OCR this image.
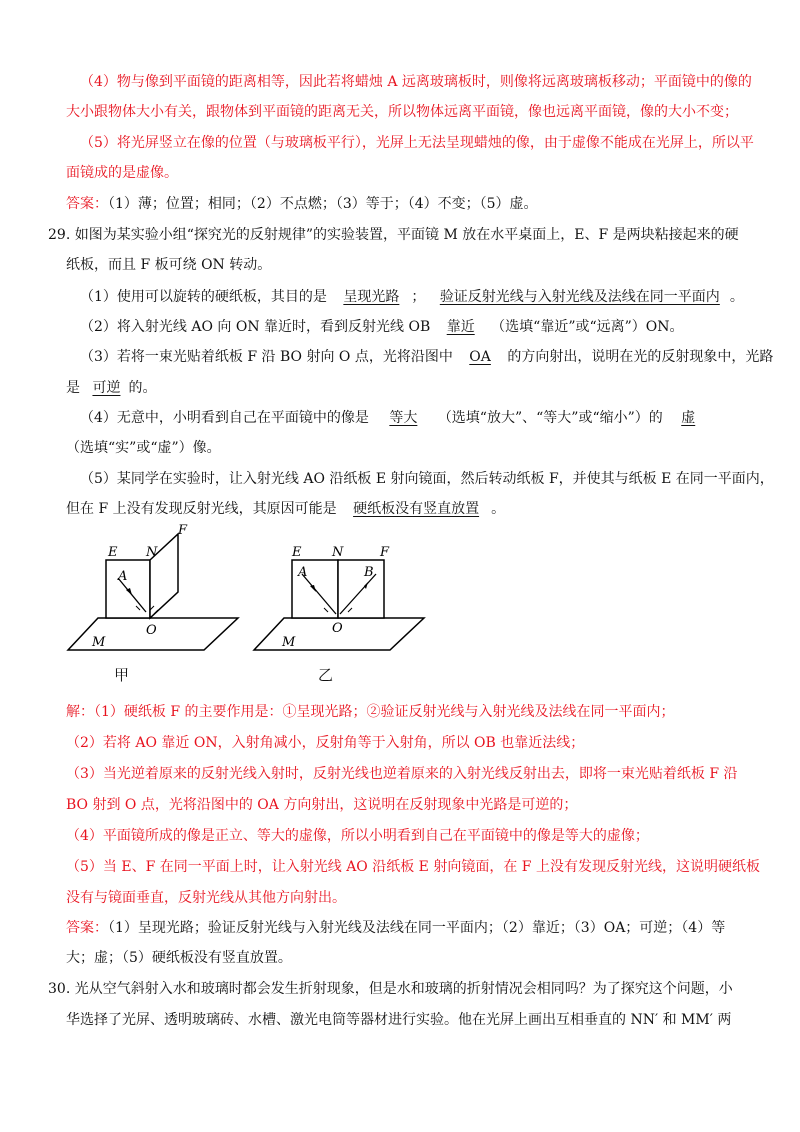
（4）物与像到平面镜的距离相等，因此若将蜡烛 A 远离玻璃板时，则像将远离玻璃板移动；平面镜中的像的
大小跟物体大小有关，跟物体到平面镜的距离无关，所以物体远离平面镜，像也远离平面镜，像的大小不变；
（5）将光屏竖立在像的位置（与玻璃板平行），光屏上无法呈现蜡烛的像，由于虚像不能成在光屏上，所以平
面镜成的是虚像。
答案：（1）薄；位置；相同；（2）不点燃；（3）等于；（4）不变；（5）虚。
29. 如图为某实验小组“探究光的反射规律”的实验装置，平面镜 M 放在水平桌面上，E、F 是两块粘接起来的硬
纸板，而且 F 板可绕 ON 转动。
（1）使用可以旋转的硬纸板，其目的是 呈现光路 ； 验证反射光线与入射光线及法线在同一平面内 。
（2）将入射光线 AO 向 ON 靠近时，看到反射光线 OB 靠近 （选填“靠近”或“远离”）ON。
（3）若将一束光贴着纸板 F 沿 BO 射向 O 点，光将沿图中 OA 的方向射出，说明在光的反射现象中，光路
是 可逆 的。
（4）无意中，小明看到自己在平面镜中的像是 等大 （选填“放大”、“等大”或“缩小”）的 虚
（选填“实”或“虚”）像。
（5）某同学在实验时，让入射光线 AO 沿纸板 E 射向镜面，然后转动纸板 F，并使其与纸板 E 在同一平面内，
但在 F 上没有发现反射光线，其原因可能是 硬纸板没有竖直放置 。
E N
F
A
O
M
甲
E N	F
A	B
O
M
乙
解：（1）硬纸板 F 的主要作用是：①呈现光路；②验证反射光线与入射光线及法线在同一平面内；
（2）若将 AO 靠近 ON，入射角减小，反射角等于入射角，所以 OB 也靠近法线；
（3）当光逆着原来的反射光线入射时，反射光线也逆着原来的入射光线反射出去，即将一束光贴着纸板 F 沿
BO 射到 O 点，光将沿图中的 OA 方向射出，这说明在反射现象中光路是可逆的；
（4）平面镜所成的像是正立、等大的虚像，所以小明看到自己在平面镜中的像是等大的虚像；
（5）当 E、F 在同一平面上时，让入射光线 AO 沿纸板 E 射向镜面，在 F 上没有发现反射光线，这说明硬纸板
没有与镜面垂直，反射光线从其他方向射出。
答案：（1）呈现光路；验证反射光线与入射光线及法线在同一平面内；（2）靠近；（3）OA；可逆；（4）等
大；虚；（5）硬纸板没有竖直放置。
30. 光从空气斜射入水和玻璃时都会发生折射现象，但是水和玻璃的折射情况会相同吗？为了探究这个问题，小
华选择了光屏、透明玻璃砖、水槽、激光电筒等器材进行实验。他在光屏上画出互相垂直的 NN′ 和 MM′ 两
